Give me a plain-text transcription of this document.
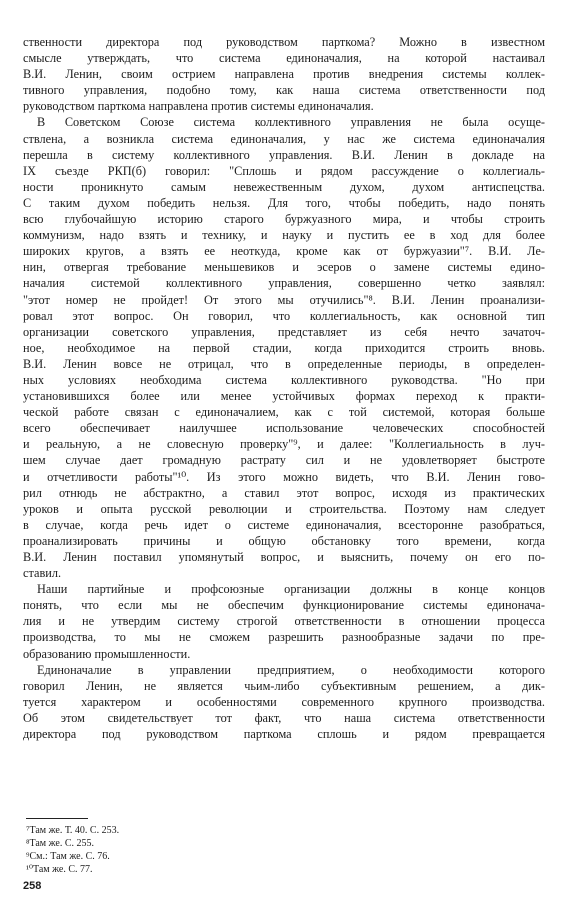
ственности директора под руководством парткома? Можно в известном
смысле утверждать, что система единоначалия, на которой настаивал
В.И. Ленин, своим острием направлена против внедрения системы коллек-
тивного управления, подобно тому, как наша система ответственности под
руководством парткома направлена против системы единоначалия.
В Советском Союзе система коллективного управления не была осуще-
ствлена, а возникла система единоначалия, у нас же система единоначалия
перешла в систему коллективного управления. В.И. Ленин в докладе на
IX съезде РКП(б) говорил: "Сплошь и рядом рассуждение о коллегиаль-
ности проникнуто самым невежественным духом, духом антиспецства.
С таким духом победить нельзя. Для того, чтобы победить, надо понять
всю глубочайшую историю старого буржуазного мира, и чтобы строить
коммунизм, надо взять и технику, и науку и пустить ее в ход для более
широких кругов, а взять ее неоткуда, кроме как от буржуазии"⁷. В.И. Ле-
нин, отвергая требование меньшевиков и эсеров о замене системы едино-
началия системой коллективного управления, совершенно четко заявлял:
"этот номер не пройдет! От этого мы отучились"⁸. В.И. Ленин проанализи-
ровал этот вопрос. Он говорил, что коллегиальность, как основной тип
организации советского управления, представляет из себя нечто зачаточ-
ное, необходимое на первой стадии, когда приходится строить вновь.
В.И. Ленин вовсе не отрицал, что в определенные периоды, в определен-
ных условиях необходима система коллективного руководства. "Но при
установившихся более или менее устойчивых формах переход к практи-
ческой работе связан с единоначалием, как с той системой, которая больше
всего обеспечивает наилучшее использование человеческих способностей
и реальную, а не словесную проверку"⁹, и далее: "Коллегиальность в луч-
шем случае дает громадную растрату сил и не удовлетворяет быстроте
и отчетливости работы"¹⁰. Из этого можно видеть, что В.И. Ленин гово-
рил отнюдь не абстрактно, а ставил этот вопрос, исходя из практических
уроков и опыта русской революции и строительства. Поэтому нам следует
в случае, когда речь идет о системе единоначалия, всесторонне разобраться,
проанализировать причины и общую обстановку того времени, когда
В.И. Ленин поставил упомянутый вопрос, и выяснить, почему он его по-
ставил.
Наши партийные и профсоюзные организации должны в конце концов
понять, что если мы не обеспечим функционирование системы единонача-
лия и не утвердим систему строгой ответственности в отношении процесса
производства, то мы не сможем разрешить разнообразные задачи по пре-
образованию промышленности.
Единоначалие в управлении предприятием, о необходимости которого
говорил Ленин, не является чьим-либо субъективным решением, а дик-
туется характером и особенностями современного крупного производства.
Об этом свидетельствует тот факт, что наша система ответственности
директора под руководством парткома сплошь и рядом превращается
⁷Там же. Т. 40. С. 253.
⁸Там же. С. 255.
⁹См.: Там же. С. 76.
¹⁰Там же. С. 77.
258
